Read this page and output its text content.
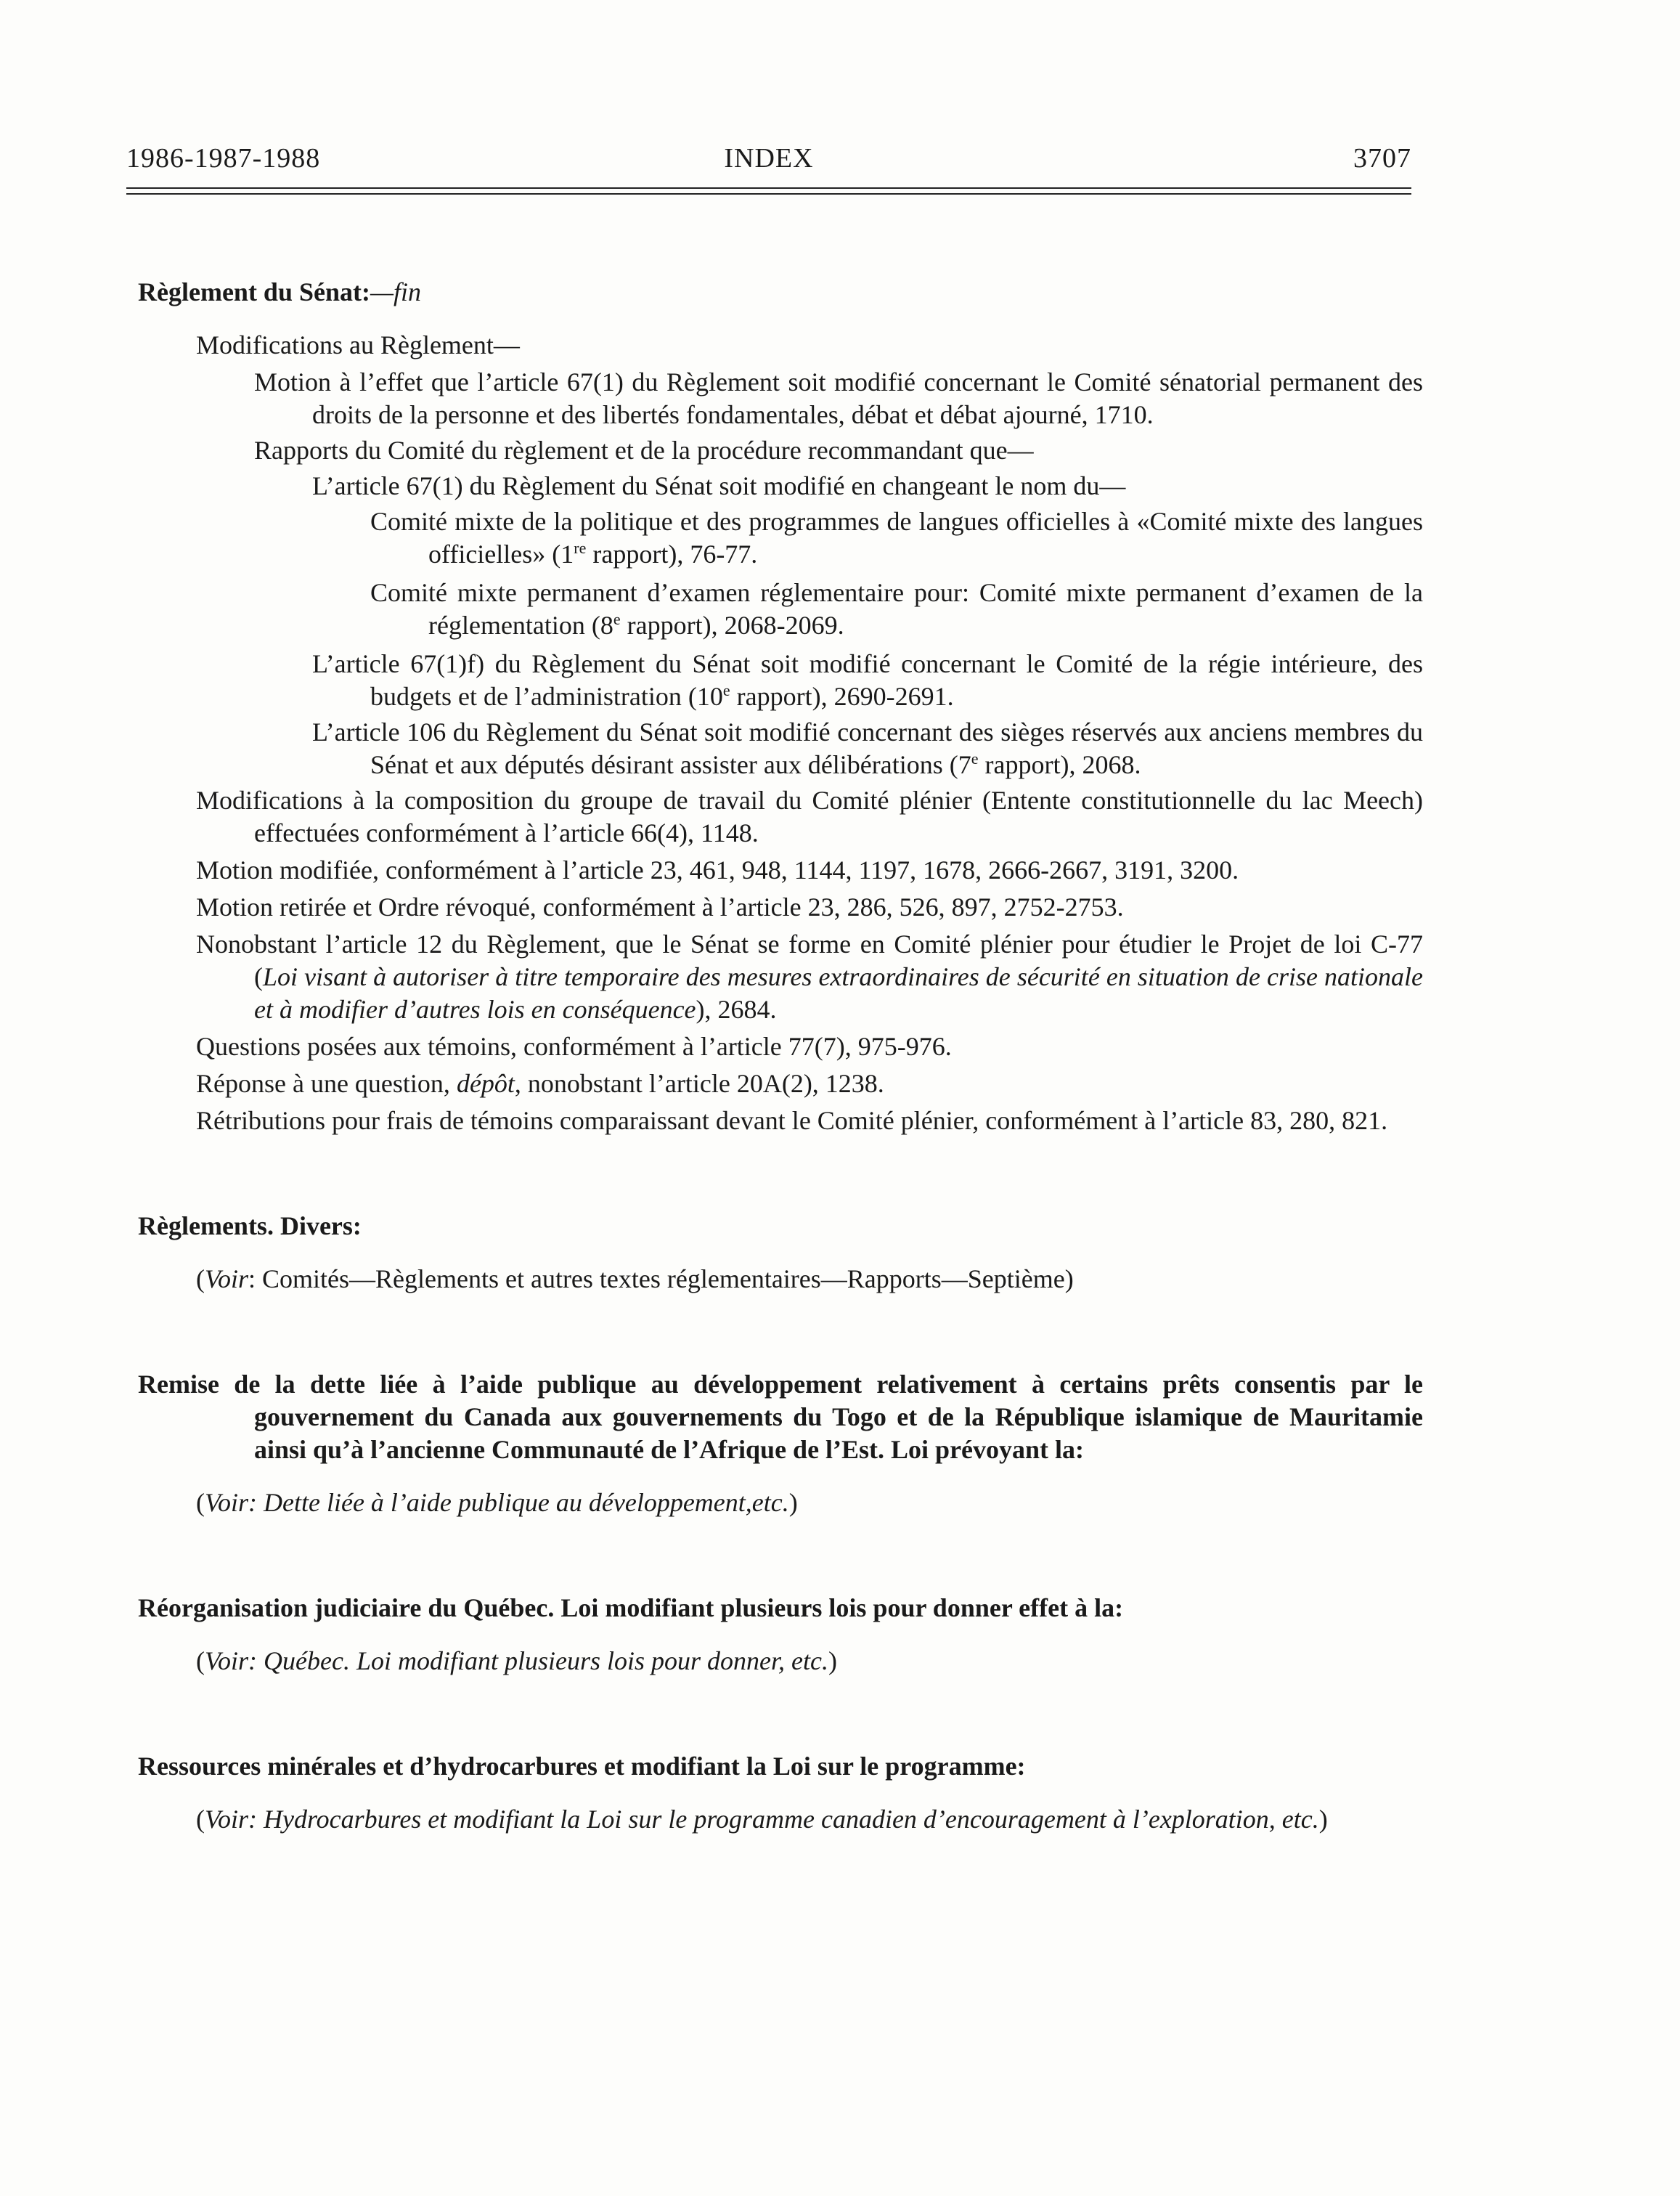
1986-1987-1988	INDEX	3707
Règlement du Sénat:—fin
Modifications au Règlement—
Motion à l’effet que l’article 67(1) du Règlement soit modifié concernant le Comité sénatorial permanent des droits de la personne et des libertés fondamentales, débat et débat ajourné, 1710.
Rapports du Comité du règlement et de la procédure recommandant que—
L’article 67(1) du Règlement du Sénat soit modifié en changeant le nom du—
Comité mixte de la politique et des programmes de langues officielles à «Comité mixte des langues officielles» (1re rapport), 76-77.
Comité mixte permanent d’examen réglementaire pour: Comité mixte permanent d’examen de la réglementation (8e rapport), 2068-2069.
L’article 67(1)f) du Règlement du Sénat soit modifié concernant le Comité de la régie intérieure, des budgets et de l’administration (10e rapport), 2690-2691.
L’article 106 du Règlement du Sénat soit modifié concernant des sièges réservés aux anciens membres du Sénat et aux députés désirant assister aux délibérations (7e rapport), 2068.
Modifications à la composition du groupe de travail du Comité plénier (Entente constitutionnelle du lac Meech) effectuées conformément à l’article 66(4), 1148.
Motion modifiée, conformément à l’article 23, 461, 948, 1144, 1197, 1678, 2666-2667, 3191, 3200.
Motion retirée et Ordre révoqué, conformément à l’article 23, 286, 526, 897, 2752-2753.
Nonobstant l’article 12 du Règlement, que le Sénat se forme en Comité plénier pour étudier le Projet de loi C-77 (Loi visant à autoriser à titre temporaire des mesures extraordinaires de sécurité en situation de crise nationale et à modifier d’autres lois en conséquence), 2684.
Questions posées aux témoins, conformément à l’article 77(7), 975-976.
Réponse à une question, dépôt, nonobstant l’article 20A(2), 1238.
Rétributions pour frais de témoins comparaissant devant le Comité plénier, conformément à l’article 83, 280, 821.
Règlements. Divers:
(Voir: Comités—Règlements et autres textes réglementaires—Rapports—Septième)
Remise de la dette liée à l’aide publique au développement relativement à certains prêts consentis par le gouvernement du Canada aux gouvernements du Togo et de la République islamique de Mauritamie ainsi qu’à l’ancienne Communauté de l’Afrique de l’Est. Loi prévoyant la:
(Voir: Dette liée à l’aide publique au développement,etc.)
Réorganisation judiciaire du Québec. Loi modifiant plusieurs lois pour donner effet à la:
(Voir: Québec. Loi modifiant plusieurs lois pour donner, etc.)
Ressources minérales et d’hydrocarbures et modifiant la Loi sur le programme:
(Voir: Hydrocarbures et modifiant la Loi sur le programme canadien d’encouragement à l’exploration, etc.)
